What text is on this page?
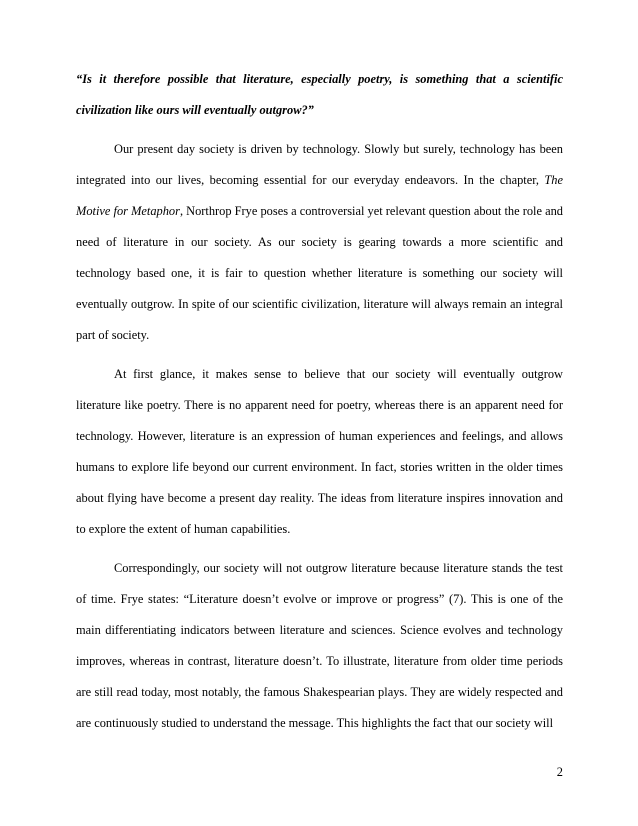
“Is it therefore possible that literature, especially poetry, is something that a scientific civilization like ours will eventually outgrow?”

Our present day society is driven by technology. Slowly but surely, technology has been integrated into our lives, becoming essential for our everyday endeavors. In the chapter, The Motive for Metaphor, Northrop Frye poses a controversial yet relevant question about the role and need of literature in our society. As our society is gearing towards a more scientific and technology based one, it is fair to question whether literature is something our society will eventually outgrow. In spite of our scientific civilization, literature will always remain an integral part of society.

At first glance, it makes sense to believe that our society will eventually outgrow literature like poetry. There is no apparent need for poetry, whereas there is an apparent need for technology. However, literature is an expression of human experiences and feelings, and allows humans to explore life beyond our current environment. In fact, stories written in the older times about flying have become a present day reality. The ideas from literature inspires innovation and to explore the extent of human capabilities.

Correspondingly, our society will not outgrow literature because literature stands the test of time. Frye states: “Literature doesn’t evolve or improve or progress” (7). This is one of the main differentiating indicators between literature and sciences. Science evolves and technology improves, whereas in contrast, literature doesn’t. To illustrate, literature from older time periods are still read today, most notably, the famous Shakespearian plays. They are widely respected and are continuously studied to understand the message. This highlights the fact that our society will

2
